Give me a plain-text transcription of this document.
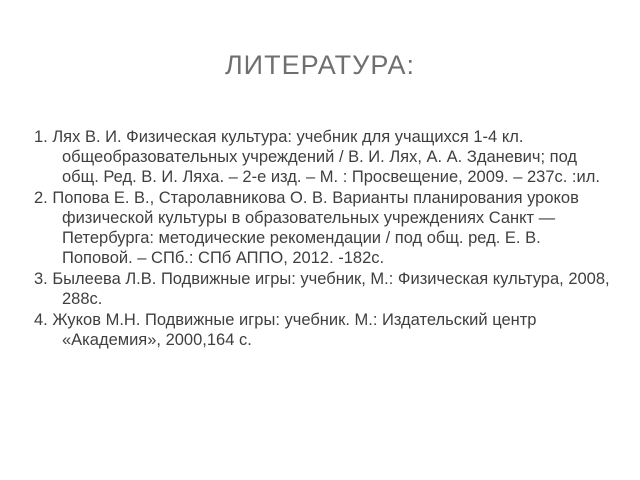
ЛИТЕРАТУРА:
1. Лях В. И. Физическая культура: учебник для учащихся 1-4 кл. общеобразовательных учреждений / В. И. Лях, А. А. Зданевич; под общ. Ред. В. И. Ляха. – 2-е изд. – М. : Просвещение, 2009. – 237с. :ил.
2. Попова Е. В., Старолавникова О. В. Варианты планирования уроков физической культуры в образовательных учреждениях Санкт — Петербурга: методические рекомендации / под общ. ред. Е. В. Поповой. – СПб.: СПб АППО, 2012. -182с.
3. Былеева Л.В. Подвижные игры: учебник, М.: Физическая культура, 2008, 288с.
4. Жуков М.Н. Подвижные игры: учебник. М.: Издательский центр «Академия», 2000,164 с.
